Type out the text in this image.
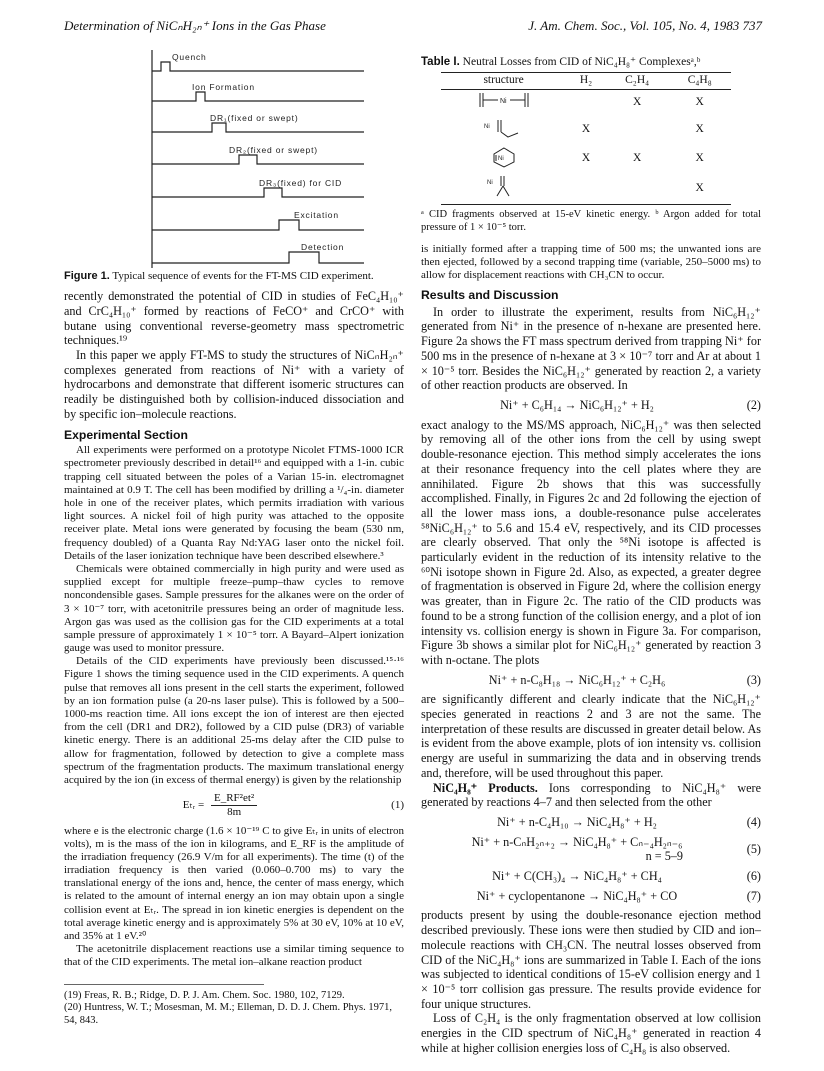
Determination of NiCₙH₂ₙ⁺ Ions in the Gas Phase	J. Am. Chem. Soc., Vol. 105, No. 4, 1983 737
Quench
Ion Formation
DR₁(fixed or swept)
DR₂(fixed or swept)
DR₃(fixed) for CID
Excitation
Detection
Figure 1. Typical sequence of events for the FT-MS CID experiment.

recently demonstrated the potential of CID in studies of FeC₄H₁₀⁺ and CrC₄H₁₀⁺ formed by reactions of FeCO⁺ and CrCO⁺ with butane using conventional reverse-geometry mass spectrometric techniques.¹⁹

In this paper we apply FT-MS to study the structures of NiCₙH₂ₙ⁺ complexes generated from reactions of Ni⁺ with a variety of hydrocarbons and demonstrate that different isomeric structures can readily be distinguished both by collision-induced dissociation and by specific ion–molecule reactions.

Experimental Section

All experiments were performed on a prototype Nicolet FTMS-1000 ICR spectrometer previously described in detail¹⁶ and equipped with a 1-in. cubic trapping cell situated between the poles of a Varian 15-in. electromagnet maintained at 0.9 T. The cell has been modified by drilling a ¹/₄-in. diameter hole in one of the receiver plates, which permits irradiation with various light sources. A nickel foil of high purity was attached to the opposite receiver plate. Metal ions were generated by focusing the beam (530 nm, frequency doubled) of a Quanta Ray Nd:YAG laser onto the nickel foil. Details of the laser ionization technique have been described elsewhere.³

Chemicals were obtained commercially in high purity and were used as supplied except for multiple freeze–pump–thaw cycles to remove noncondensible gases. Sample pressures for the alkanes were on the order of 3 × 10⁻⁷ torr, with acetonitrile pressures being an order of magnitude less. Argon gas was used as the collision gas for the CID experiments at a total sample pressure of approximately 1 × 10⁻⁵ torr. A Bayard–Alpert ionization gauge was used to monitor pressure.

Details of the CID experiments have previously been discussed.¹⁵·¹⁶ Figure 1 shows the timing sequence used in the CID experiments. A quench pulse that removes all ions present in the cell starts the experiment, followed by an ion formation pulse (a 20-ns laser pulse). This is followed by a 500–1000-ms reaction time. All ions except the ion of interest are then ejected from the cell (DR1 and DR2), followed by a CID pulse (DR3) of variable kinetic energy. There is an additional 25-ms delay after the CID pulse to allow for fragmentation, followed by detection to give a complete mass spectrum of the fragmentation products. The maximum translational energy acquired by the ion (in excess of thermal energy) is given by the relationship

Eₜᵣ = $\frac{\text{E\_RF²et²}}{8m}$	(1)

where e is the electronic charge (1.6 × 10⁻¹⁹ C to give Eₜᵣ in units of electron volts), m is the mass of the ion in kilograms, and E_RF is the amplitude of the irradiation frequency (26.9 V/m for all experiments). The time (t) of the irradiation frequency is then varied (0.060–0.700 ms) to vary the translational energy of the ions and, hence, the center of mass energy, which is related to the amount of internal energy an ion may obtain upon a single collision event at Eₜᵣ. The spread in ion kinetic energies is dependent on the total average kinetic energy and is approximately 5% at 30 eV, 10% at 10 eV, and 35% at 1 eV.²⁰

The acetonitrile displacement reactions use a similar timing sequence to that of the CID experiments. The metal ion–alkane reaction product

(19) Freas, R. B.; Ridge, D. P. J. Am. Chem. Soc. 1980, 102, 7129.
(20) Huntress, W. T.; Mosesman, M. M.; Elleman, D. D. J. Chem. Phys. 1971, 54, 843.
Table I. Neutral Losses from CID of NiC₄H₈⁺ Complexesᵃ,ᵇ
structure	H₂	C₂H₄	C₄H₈

Ni		X	X

Ni	X		X

Ni	X	X	X

Ni			X
ᵃ CID fragments observed at 15-eV kinetic energy. ᵇ Argon added for total pressure of 1 × 10⁻⁵ torr.

is initially formed after a trapping time of 500 ms; the unwanted ions are then ejected, followed by a second trapping time (variable, 250–5000 ms) to allow for displacement reactions with CH₃CN to occur.

Results and Discussion

In order to illustrate the experiment, results from NiC₆H₁₂⁺ generated from Ni⁺ in the presence of n-hexane are presented here. Figure 2a shows the FT mass spectrum derived from trapping Ni⁺ for 500 ms in the presence of n-hexane at 3 × 10⁻⁷ torr and Ar at about 1 × 10⁻⁵ torr. Besides the NiC₆H₁₂⁺ generated by reaction 2, a variety of other reaction products are observed. In

Ni⁺ + C₆H₁₄ → NiC₆H₁₂⁺ + H₂	(2)

exact analogy to the MS/MS approach, NiC₆H₁₂⁺ was then selected by removing all of the other ions from the cell by using swept double-resonance ejection. This method simply accelerates the ions at their resonance frequency into the cell plates where they are annihilated. Figure 2b shows that this was successfully accomplished. Finally, in Figures 2c and 2d following the ejection of all the lower mass ions, a double-resonance pulse accelerates ⁵⁸NiC₆H₁₂⁺ to 5.6 and 15.4 eV, respectively, and its CID processes are clearly observed. That only the ⁵⁸Ni isotope is affected is particularly evident in the reduction of its intensity relative to the ⁶⁰Ni isotope shown in Figure 2d. Also, as expected, a greater degree of fragmentation is observed in Figure 2d, where the collision energy was greater, than in Figure 2c. The ratio of the CID products was found to be a strong function of the collision energy, and a plot of ion intensity vs. collision energy is shown in Figure 3a. For comparison, Figure 3b shows a similar plot for NiC₆H₁₂⁺ generated by reaction 3 with n-octane. The plots

Ni⁺ + n-C₈H₁₈ → NiC₆H₁₂⁺ + C₂H₆	(3)

are significantly different and clearly indicate that the NiC₆H₁₂⁺ species generated in reactions 2 and 3 are not the same. The interpretation of these results are discussed in greater detail below. As is evident from the above example, plots of ion intensity vs. collision energy are useful in summarizing the data and in observing trends and, therefore, will be used throughout this paper.

NiC₄H₈⁺ Products. Ions corresponding to NiC₄H₈⁺ were generated by reactions 4–7 and then selected from the other

Ni⁺ + n-C₄H₁₀ → NiC₄H₈⁺ + H₂	(4)
Ni⁺ + n-CₙH₂ₙ₊₂ → NiC₄H₈⁺ + Cₙ₋₄H₂ₙ₋₆
n = 5–9
(5)
Ni⁺ + C(CH₃)₄ → NiC₄H₈⁺ + CH₄	(6)
Ni⁺ + cyclopentanone → NiC₄H₈⁺ + CO	(7)

products present by using the double-resonance ejection method described previously. These ions were then studied by CID and ion–molecule reactions with CH₃CN. The neutral losses observed from CID of the NiC₄H₈⁺ ions are summarized in Table I. Each of the ions was subjected to identical conditions of 15-eV collision energy and 1 × 10⁻⁵ torr collision gas pressure. The results provide evidence for four unique structures.

Loss of C₂H₄ is the only fragmentation observed at low collision energies in the CID spectrum of NiC₄H₈⁺ generated in reaction 4 while at higher collision energies loss of C₄H₈ is also observed.
